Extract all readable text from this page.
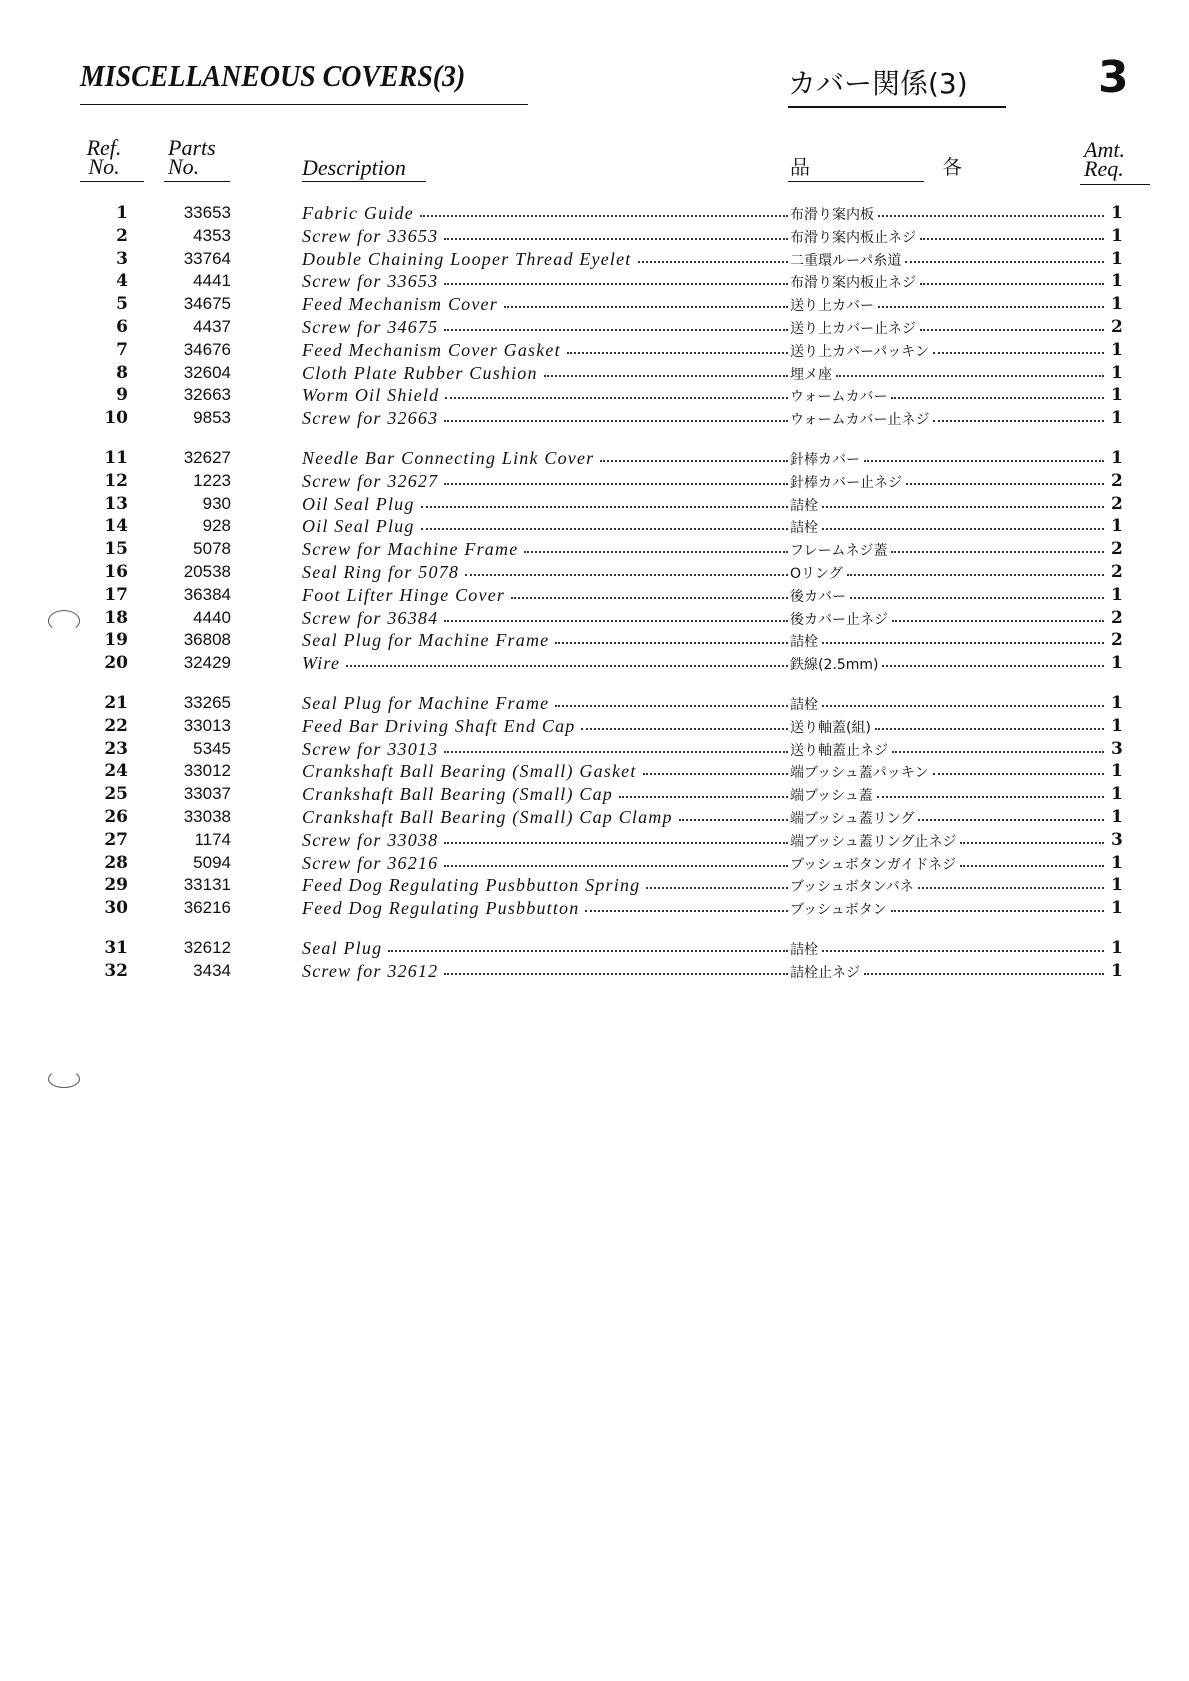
MISCELLANEOUS COVERS(3)	カバー関係(3)	3
Ref.
No.
Parts
No.	Description	品　各
Amt.
Req.
1	33653	Fabric Guide	布滑り案内板	1
2	4353	Screw for 33653	布滑り案内板止ネジ	1
3	33764	Double Chaining Looper Thread Eyelet	二重環ルーパ糸道	1
4	4441	Screw for 33653	布滑り案内板止ネジ	1
5	34675	Feed Mechanism Cover	送り上カバー	1
6	4437	Screw for 34675	送り上カバー止ネジ	2
7	34676	Feed Mechanism Cover Gasket	送り上カバーパッキン	1
8	32604	Cloth Plate Rubber Cushion	埋メ座	1
9	32663	Worm Oil Shield	ウォームカバー	1
10	9853	Screw for 32663	ウォームカバー止ネジ	1
11	32627	Needle Bar Connecting Link Cover	針棒カバー	1
12	1223	Screw for 32627	針棒カバー止ネジ	2
13	930	Oil Seal Plug	詰栓	2
14	928	Oil Seal Plug	詰栓	1
15	5078	Screw for Machine Frame	フレームネジ蓋	2
16	20538	Seal Ring for 5078	Oリング	2
17	36384	Foot Lifter Hinge Cover	後カバー	1
18	4440	Screw for 36384	後カバー止ネジ	2
19	36808	Seal Plug for Machine Frame	詰栓	2
20	32429	Wire	鉄線(2.5mm)	1
21	33265	Seal Plug for Machine Frame	詰栓	1
22	33013	Feed Bar Driving Shaft End Cap	送り軸蓋(組)	1
23	5345	Screw for 33013	送り軸蓋止ネジ	3
24	33012	Crankshaft Ball Bearing (Small) Gasket	端ブッシュ蓋パッキン	1
25	33037	Crankshaft Ball Bearing (Small) Cap	端ブッシュ蓋	1
26	33038	Crankshaft Ball Bearing (Small) Cap Clamp	端ブッシュ蓋リング	1
27	1174	Screw for 33038	端ブッシュ蓋リング止ネジ	3
28	5094	Screw for 36216	ブッシュボタンガイドネジ	1
29	33131	Feed Dog Regulating Pusbbutton Spring	ブッシュボタンバネ	1
30	36216	Feed Dog Regulating Pusbbutton	ブッシュボタン	1
31	32612	Seal Plug	詰栓	1
32	3434	Screw for 32612	詰栓止ネジ	1
